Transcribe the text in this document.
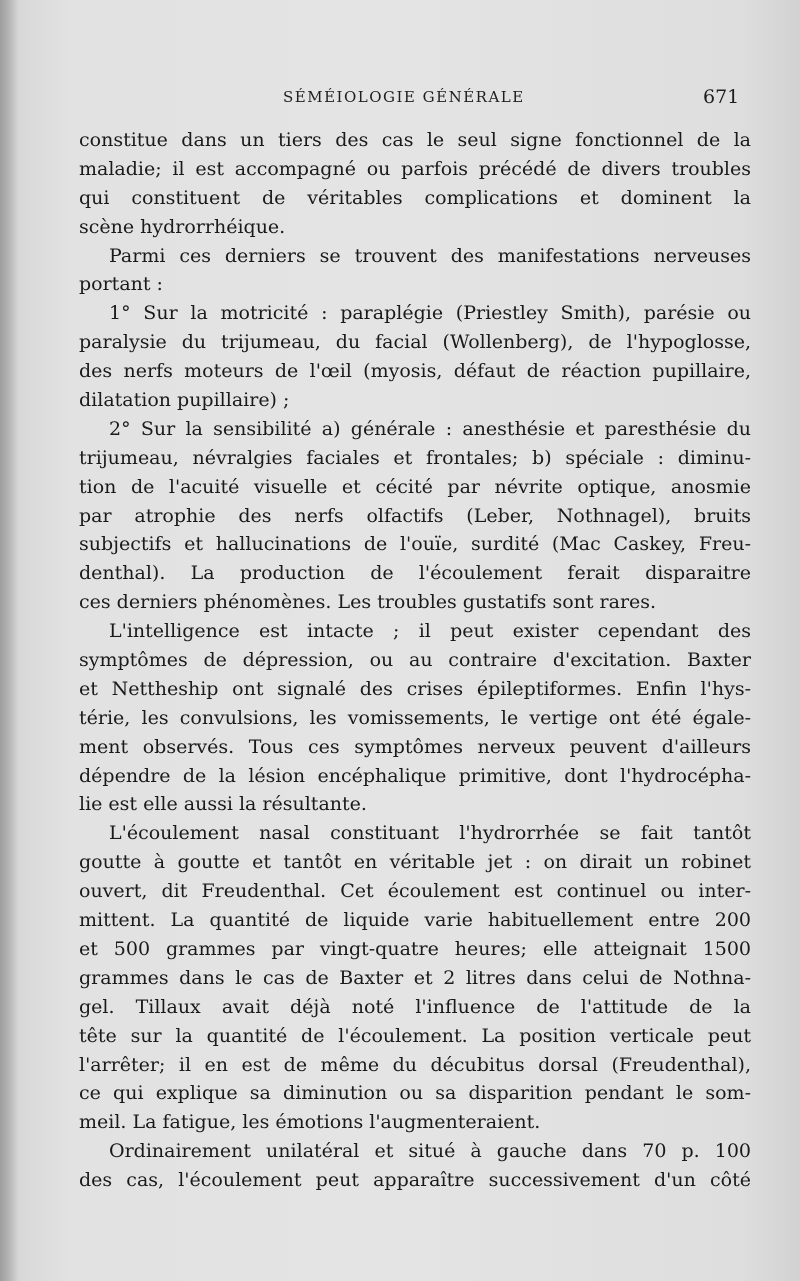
SÉMÉIOLOGIE GÉNÉRALE	671
constitue dans un tiers des cas le seul signe fonctionnel de la
maladie; il est accompagné ou parfois précédé de divers troubles
qui constituent de véritables complications et dominent la
scène hydrorrhéique.
Parmi ces derniers se trouvent des manifestations nerveuses
portant :
1° Sur la motricité : paraplégie (Priestley Smith), parésie ou
paralysie du trijumeau, du facial (Wollenberg), de l'hypoglosse,
des nerfs moteurs de l'œil (myosis, défaut de réaction pupillaire,
dilatation pupillaire) ;
2° Sur la sensibilité a) générale : anesthésie et paresthésie du
trijumeau, névralgies faciales et frontales; b) spéciale : diminu-
tion de l'acuité visuelle et cécité par névrite optique, anosmie
par atrophie des nerfs olfactifs (Leber, Nothnagel), bruits
subjectifs et hallucinations de l'ouïe, surdité (Mac Caskey, Freu-
denthal). La production de l'écoulement ferait disparaitre
ces derniers phénomènes. Les troubles gustatifs sont rares.
L'intelligence est intacte ; il peut exister cependant des
symptômes de dépression, ou au contraire d'excitation. Baxter
et Nettheship ont signalé des crises épileptiformes. Enfin l'hys-
térie, les convulsions, les vomissements, le vertige ont été égale-
ment observés. Tous ces symptômes nerveux peuvent d'ailleurs
dépendre de la lésion encéphalique primitive, dont l'hydrocépha-
lie est elle aussi la résultante.
L'écoulement nasal constituant l'hydrorrhée se fait tantôt
goutte à goutte et tantôt en véritable jet : on dirait un robinet
ouvert, dit Freudenthal. Cet écoulement est continuel ou inter-
mittent. La quantité de liquide varie habituellement entre 200
et 500 grammes par vingt-quatre heures; elle atteignait 1500
grammes dans le cas de Baxter et 2 litres dans celui de Nothna-
gel. Tillaux avait déjà noté l'influence de l'attitude de la
tête sur la quantité de l'écoulement. La position verticale peut
l'arrêter; il en est de même du décubitus dorsal (Freudenthal),
ce qui explique sa diminution ou sa disparition pendant le som-
meil. La fatigue, les émotions l'augmenteraient.
Ordinairement unilatéral et situé à gauche dans 70 p. 100
des cas, l'écoulement peut apparaître successivement d'un côté
